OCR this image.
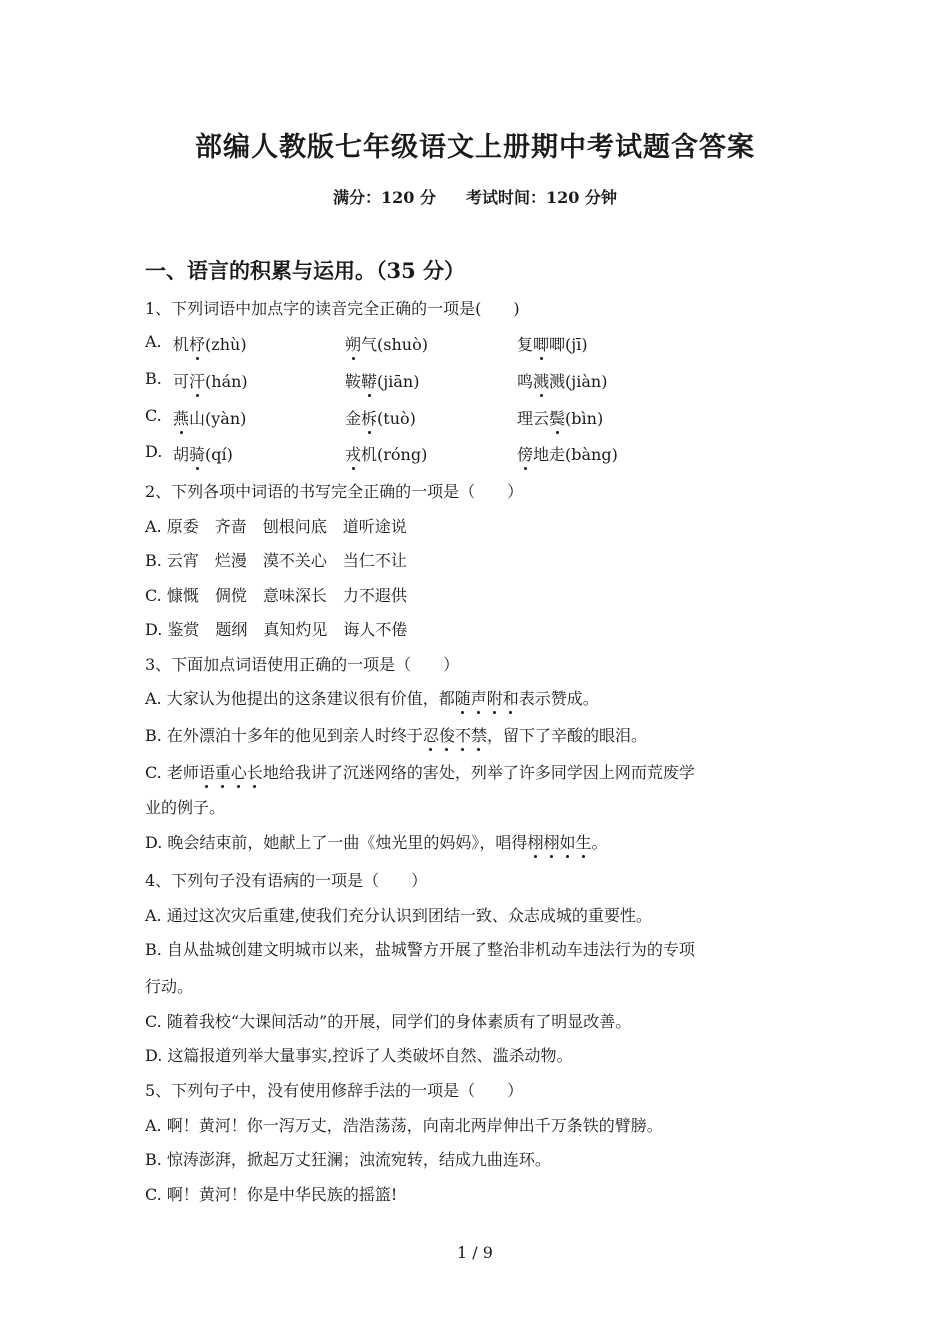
部编人教版七年级语文上册期中考试题含答案
满分：120 分 考试时间：120 分钟
一、语言的积累与运用。（35 分）
1、下列词语中加点字的读音完全正确的一项是(　　)
A. 机杼(zhù)	朔气(shuò)	复唧唧(jī)
B. 可汗(hán)	鞍鞯(jiān)	鸣溅溅(jiàn)
C. 燕山(yàn)	金柝(tuò)	理云鬓(bìn)
D. 胡骑(qí)	戎机(róng)	傍地走(bàng)
2、下列各项中词语的书写完全正确的一项是（　　）
A. 原委　齐啬　刨根问底　道听途说
B. 云宵　烂漫　漠不关心　当仁不让
C. 慷慨　倜傥　意味深长　力不遐供
D. 鉴赏　题纲　真知灼见　诲人不倦
3、下面加点词语使用正确的一项是（　　）
A. 大家认为他提出的这条建议很有价值，都随声附和表示赞成。
B. 在外漂泊十多年的他见到亲人时终于忍俊不禁，留下了辛酸的眼泪。
C. 老师语重心长地给我讲了沉迷网络的害处，列举了许多同学因上网而荒废学
业的例子。
D. 晚会结束前，她献上了一曲《烛光里的妈妈》，唱得栩栩如生。
4、下列句子没有语病的一项是（　　）
A. 通过这次灾后重建,使我们充分认识到团结一致、众志成城的重要性。
B. 自从盐城创建文明城市以来，盐城警方开展了整治非机动车违法行为的专项
行动。
C. 随着我校“大课间活动”的开展，同学们的身体素质有了明显改善。
D. 这篇报道列举大量事实,控诉了人类破坏自然、滥杀动物。
5、下列句子中，没有使用修辞手法的一项是（　　）
A. 啊！黄河！你一泻万丈，浩浩荡荡，向南北两岸伸出千万条铁的臂膀。
B. 惊涛澎湃，掀起万丈狂澜；浊流宛转，结成九曲连环。
C. 啊！黄河！你是中华民族的摇篮!
1 / 9
